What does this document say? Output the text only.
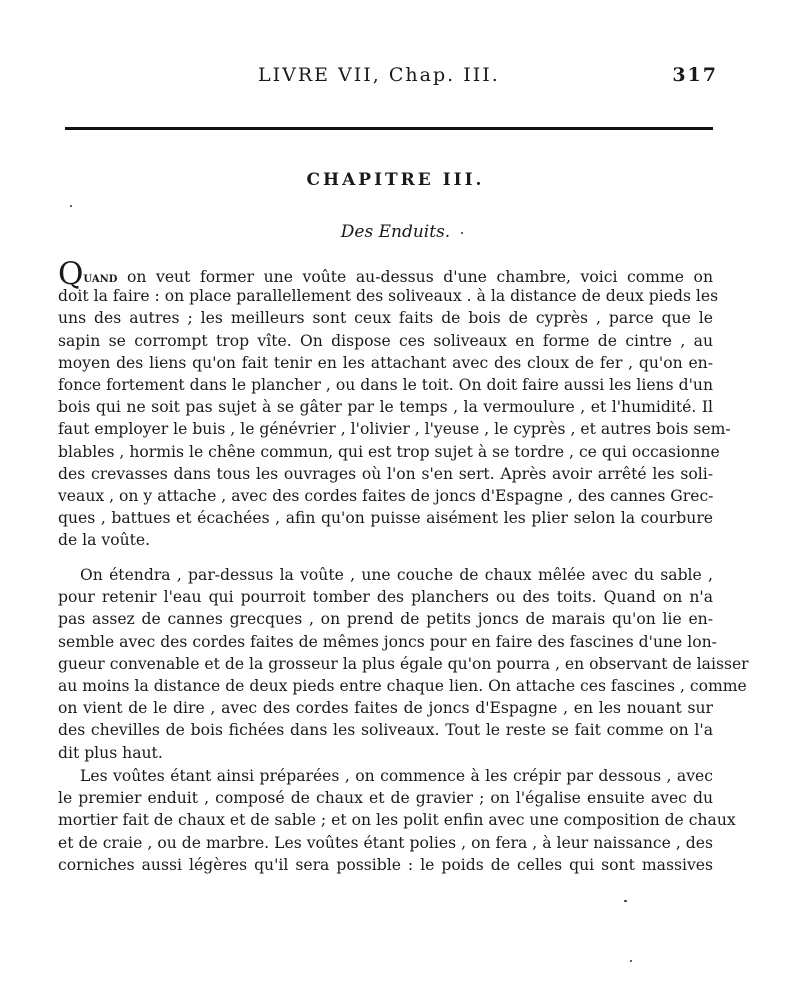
LIVRE VII, Chap. III.	317
CHAPITRE III.
Des Enduits.
Quand on veut former une voûte au-dessus d'une chambre, voici comme on
doit la faire : on place parallellement des soliveaux . à la distance de deux pieds les
uns des autres ; les meilleurs sont ceux faits de bois de cyprès , parce que le
sapin se corrompt trop vîte. On dispose ces soliveaux en forme de cintre , au
moyen des liens qu'on fait tenir en les attachant avec des cloux de fer , qu'on en-
fonce fortement dans le plancher , ou dans le toit. On doit faire aussi les liens d'un
bois qui ne soit pas sujet à se gâter par le temps , la vermoulure , et l'humidité. Il
faut employer le buis , le génévrier , l'olivier , l'yeuse , le cyprès , et autres bois sem-
blables , hormis le chêne commun, qui est trop sujet à se tordre , ce qui occasionne
des crevasses dans tous les ouvrages où l'on s'en sert. Après avoir arrêté les soli-
veaux , on y attache , avec des cordes faites de joncs d'Espagne , des cannes Grec-
ques , battues et écachées , afin qu'on puisse aisément les plier selon la courbure
de la voûte.
On étendra , par-dessus la voûte , une couche de chaux mêlée avec du sable ,
pour retenir l'eau qui pourroit tomber des planchers ou des toits. Quand on n'a
pas assez de cannes grecques , on prend de petits joncs de marais qu'on lie en-
semble avec des cordes faites de mêmes joncs pour en faire des fascines d'une lon-
gueur convenable et de la grosseur la plus égale qu'on pourra , en observant de laisser
au moins la distance de deux pieds entre chaque lien. On attache ces fascines , comme
on vient de le dire , avec des cordes faites de joncs d'Espagne , en les nouant sur
des chevilles de bois fichées dans les soliveaux. Tout le reste se fait comme on l'a
dit plus haut.
Les voûtes étant ainsi préparées , on commence à les crépir par dessous , avec
le premier enduit , composé de chaux et de gravier ; on l'égalise ensuite avec du
mortier fait de chaux et de sable ; et on les polit enfin avec une composition de chaux
et de craie , ou de marbre. Les voûtes étant polies , on fera , à leur naissance , des
corniches aussi légères qu'il sera possible : le poids de celles qui sont massives
